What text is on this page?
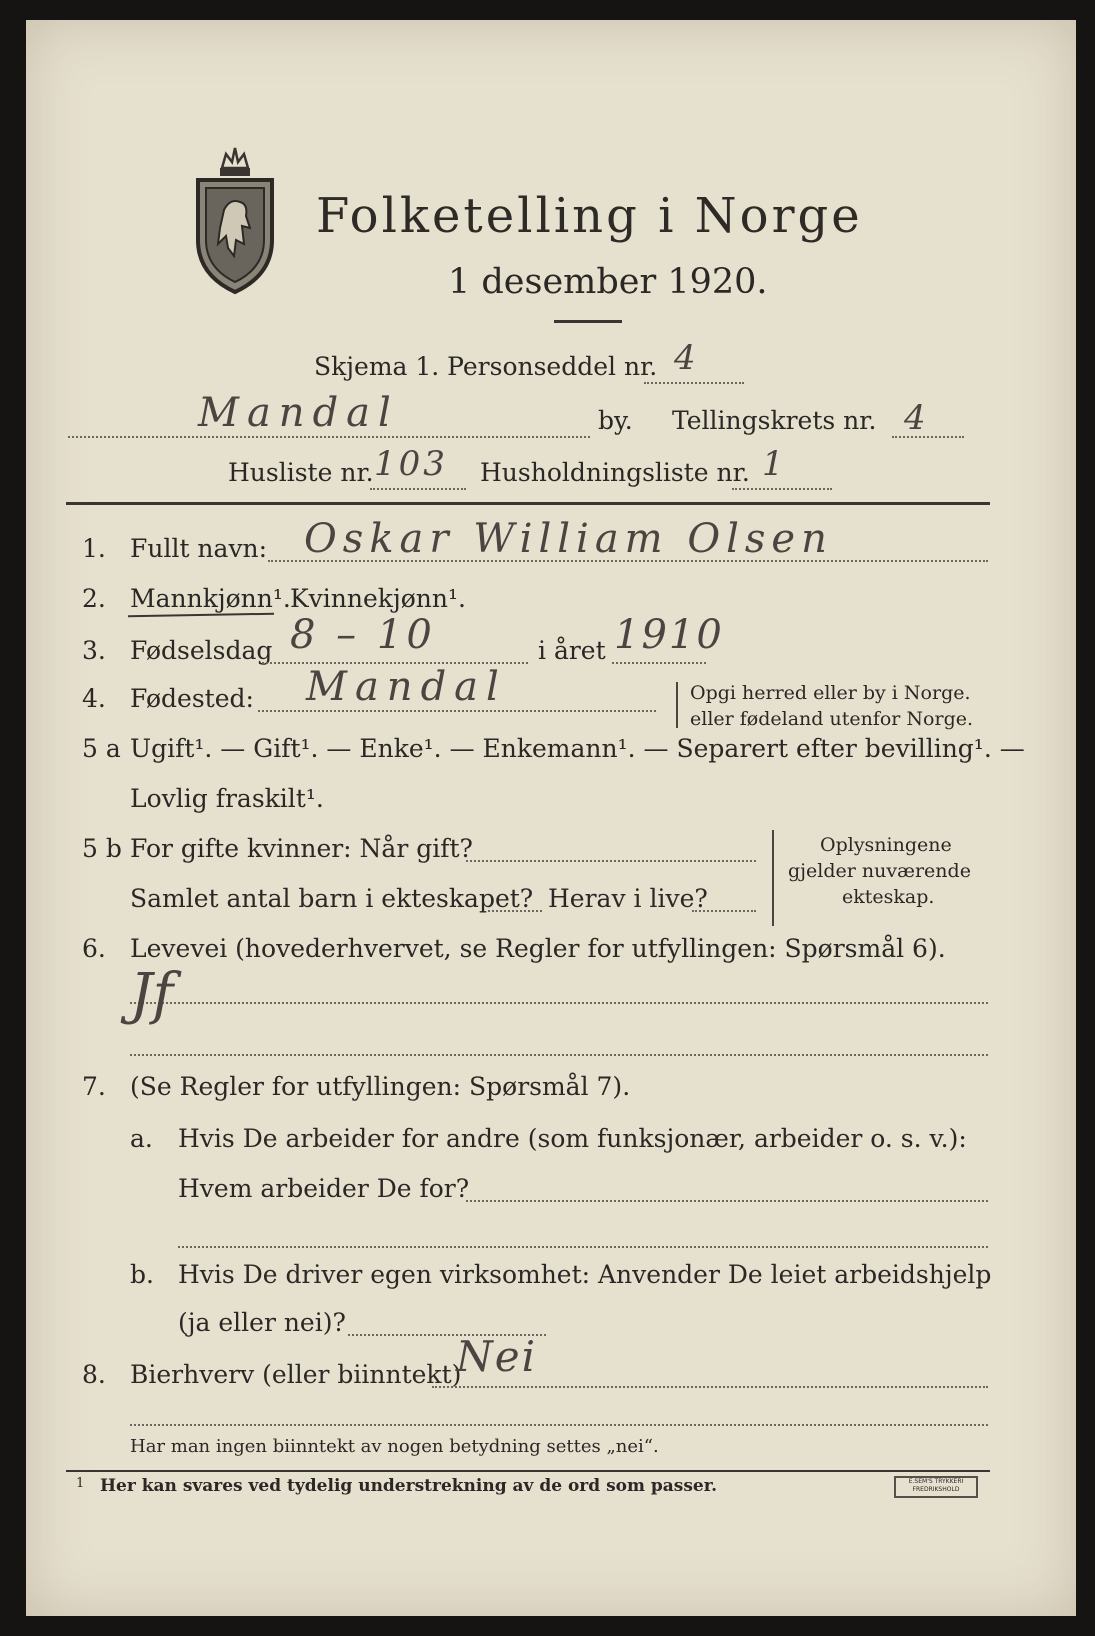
Folketelling i Norge
1 desember 1920.
Skjema 1. Personseddel nr. 4
Mandal	by. Tellingskrets nr. 4
Husliste nr. 103 Husholdningsliste nr. 1
1. Fullt navn: Oskar William Olsen
2. Mannkjønn¹. Kvinnekjønn¹.
3. Fødselsdag 8 – 10	i året 1910
4. Fødested: Mandal	Opgi herred eller by i Norge.
eller fødeland utenfor Norge.
5 a Ugift¹. — Gift¹. — Enke¹. — Enkemann¹. — Separert efter bevilling¹. —
Lovlig fraskilt¹.
5 b For gifte kvinner: Når gift?
Samlet antal barn i ekteskapet? Herav i live?
Oplysningene
gjelder nuværende
ekteskap.
6. Levevei (hovederhvervet, se Regler for utfyllingen: Spørsmål 6).
Jf
7. (Se Regler for utfyllingen: Spørsmål 7).
a. Hvis De arbeider for andre (som funksjonær, arbeider o. s. v.):
Hvem arbeider De for?
b. Hvis De driver egen virksomhet: Anvender De leiet arbeidshjelp
(ja eller nei)?
8. Bierhverv (eller biinntekt)
Nei
Har man ingen biinntekt av nogen betydning settes „nei“.
1 Her kan svares ved tydelig understrekning av de ord som passer.	E.SEM'S TRYKKERI
FREDRIKSHOLD
